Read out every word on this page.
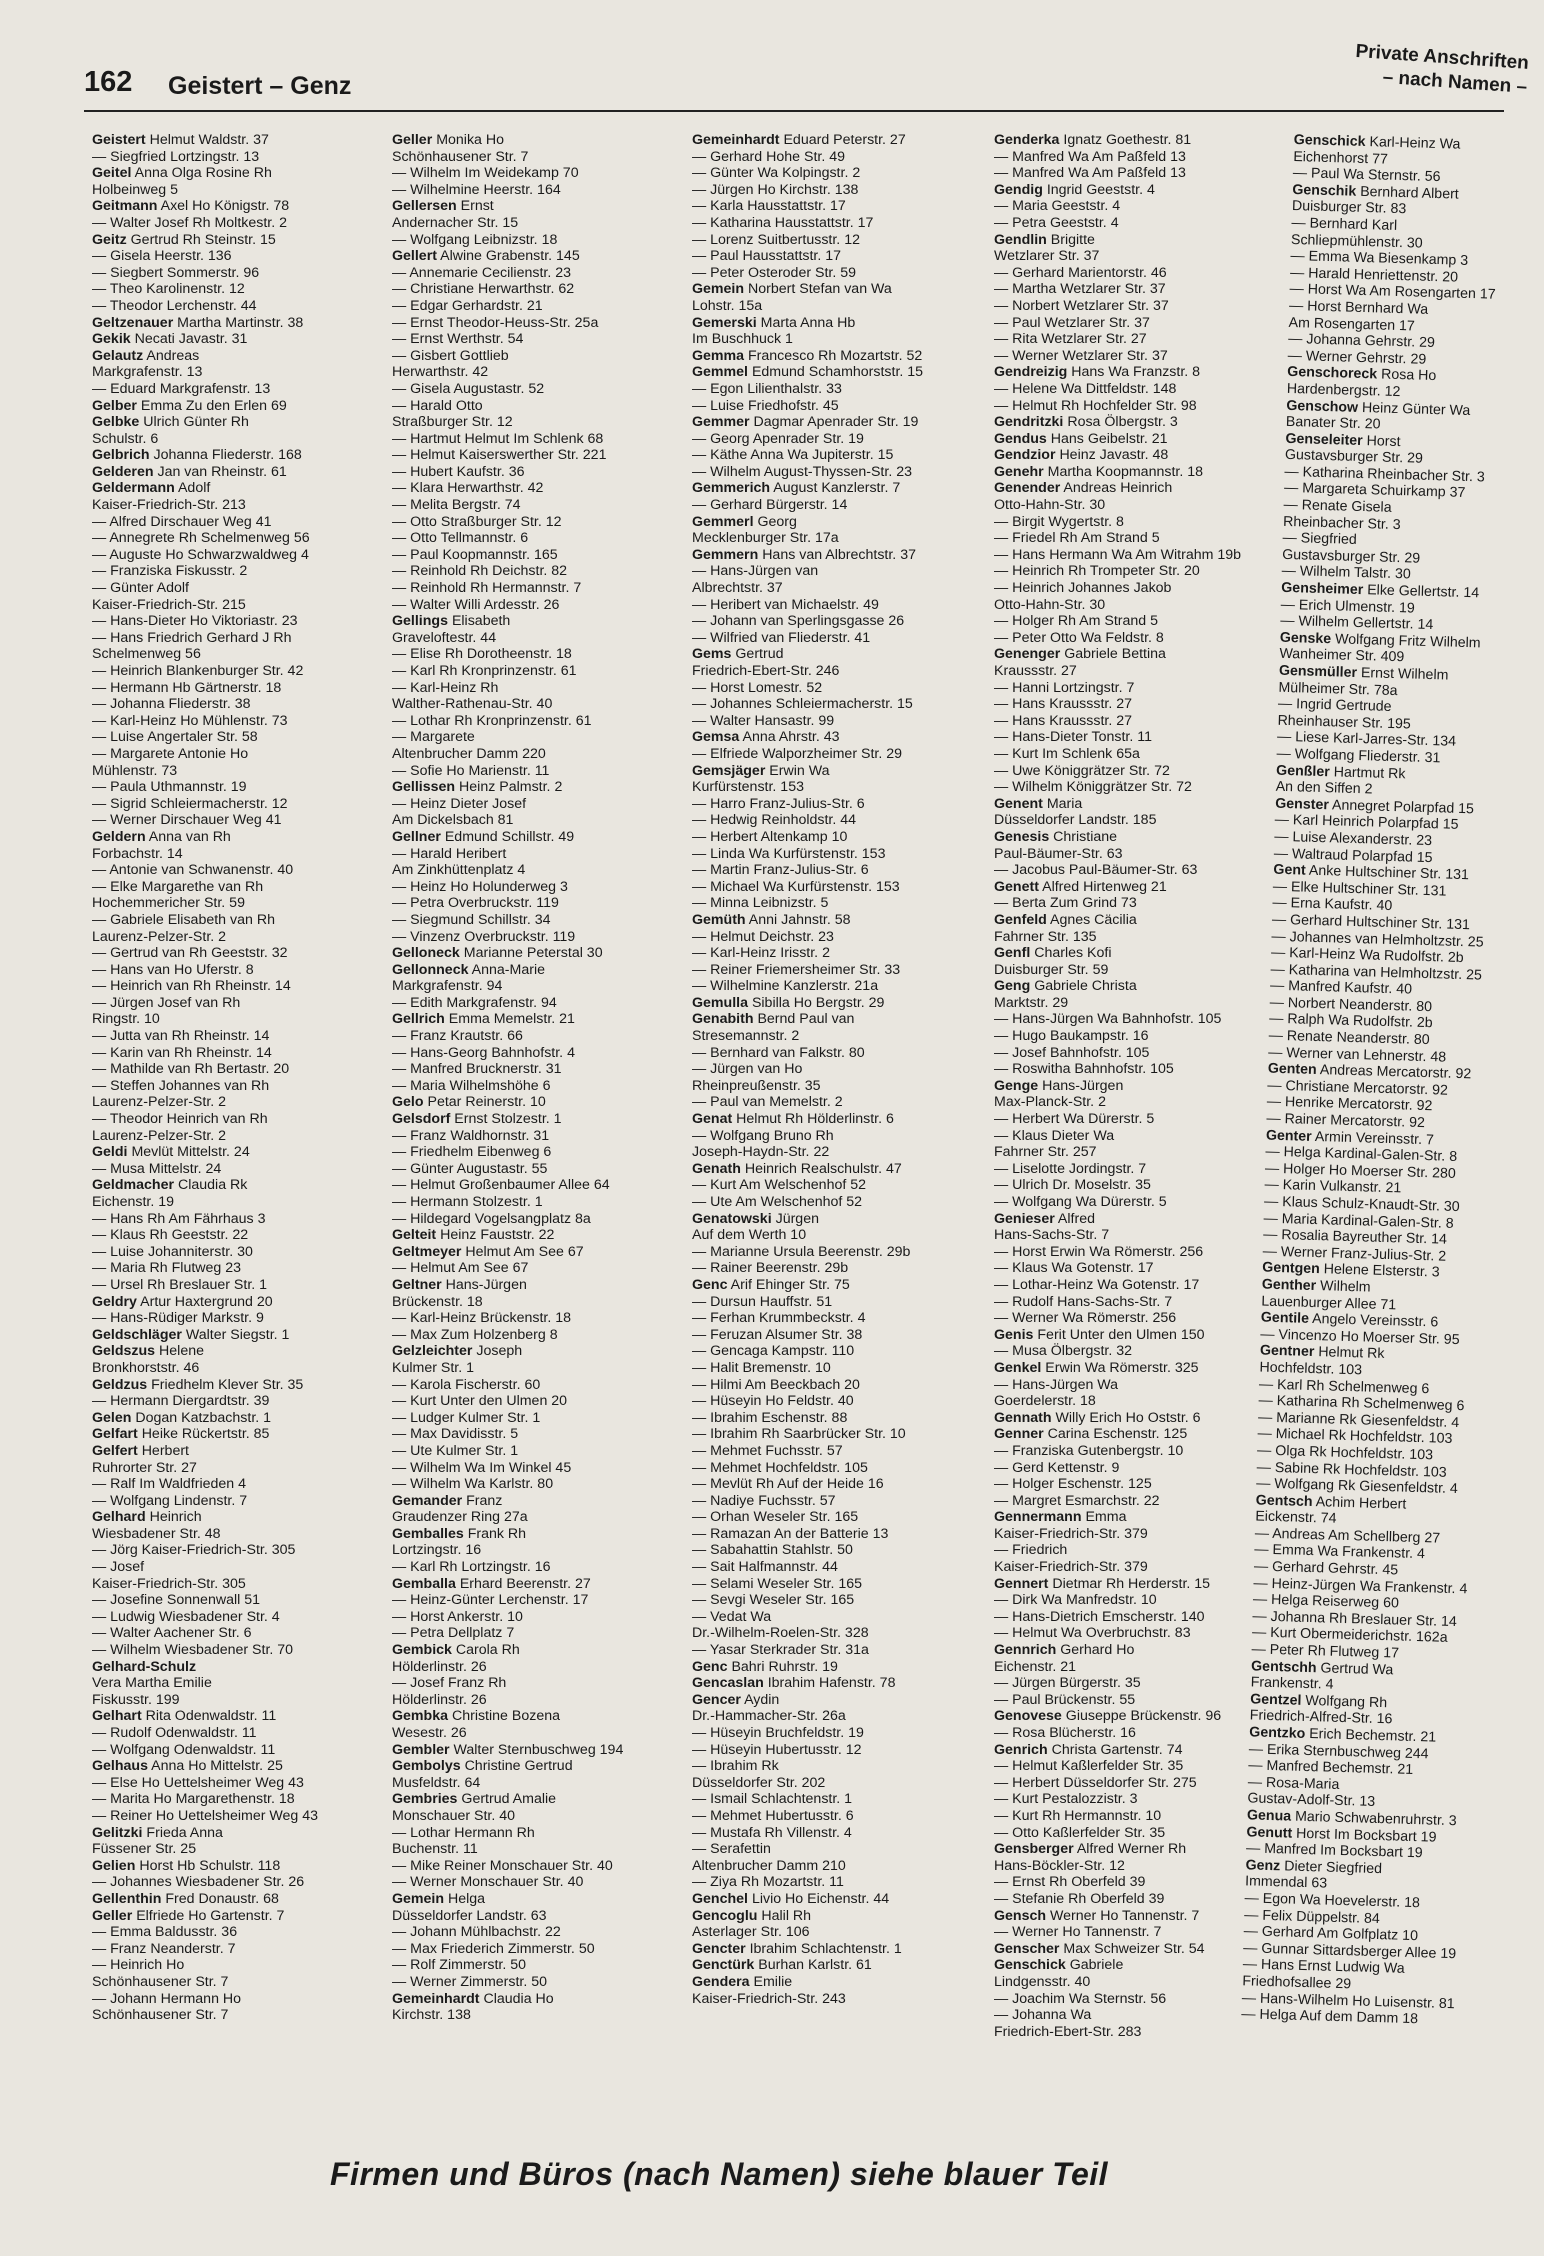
162 Geistert – Genz
Private Anschriften
– nach Namen –
Geistert Helmut Waldstr. 37
— Siegfried Lortzingstr. 13
Geitel Anna Olga Rosine Rh
Holbeinweg 5
Geitmann Axel Ho Königstr. 78
— Walter Josef Rh Moltkestr. 2
Geitz Gertrud Rh Steinstr. 15
— Gisela Heerstr. 136
— Siegbert Sommerstr. 96
— Theo Karolinenstr. 12
— Theodor Lerchenstr. 44
Geltzenauer Martha Martinstr. 38
Gekik Necati Javastr. 31
Gelautz Andreas
Markgrafenstr. 13
— Eduard Markgrafenstr. 13
Gelber Emma Zu den Erlen 69
Gelbke Ulrich Günter Rh
Schulstr. 6
Gelbrich Johanna Fliederstr. 168
Gelderen Jan van Rheinstr. 61
Geldermann Adolf
Kaiser-Friedrich-Str. 213
— Alfred Dirschauer Weg 41
— Annegrete Rh Schelmenweg 56
— Auguste Ho Schwarzwaldweg 4
— Franziska Fiskusstr. 2
— Günter Adolf
Kaiser-Friedrich-Str. 215
— Hans-Dieter Ho Viktoriastr. 23
— Hans Friedrich Gerhard J Rh
Schelmenweg 56
— Heinrich Blankenburger Str. 42
— Hermann Hb Gärtnerstr. 18
— Johanna Fliederstr. 38
— Karl-Heinz Ho Mühlenstr. 73
— Luise Angertaler Str. 58
— Margarete Antonie Ho
Mühlenstr. 73
— Paula Uthmannstr. 19
— Sigrid Schleiermacherstr. 12
— Werner Dirschauer Weg 41
Geldern Anna van Rh
Forbachstr. 14
— Antonie van Schwanenstr. 40
— Elke Margarethe van Rh
Hochemmericher Str. 59
— Gabriele Elisabeth van Rh
Laurenz-Pelzer-Str. 2
— Gertrud van Rh Geeststr. 32
— Hans van Ho Uferstr. 8
— Heinrich van Rh Rheinstr. 14
— Jürgen Josef van Rh
Ringstr. 10
— Jutta van Rh Rheinstr. 14
— Karin van Rh Rheinstr. 14
— Mathilde van Rh Bertastr. 20
— Steffen Johannes van Rh
Laurenz-Pelzer-Str. 2
— Theodor Heinrich van Rh
Laurenz-Pelzer-Str. 2
Geldi Mevlüt Mittelstr. 24
— Musa Mittelstr. 24
Geldmacher Claudia Rk
Eichenstr. 19
— Hans Rh Am Fährhaus 3
— Klaus Rh Geeststr. 22
— Luise Johanniterstr. 30
— Maria Rh Flutweg 23
— Ursel Rh Breslauer Str. 1
Geldry Artur Haxtergrund 20
— Hans-Rüdiger Markstr. 9
Geldschläger Walter Siegstr. 1
Geldszus Helene
Bronkhorststr. 46
Geldzus Friedhelm Klever Str. 35
— Hermann Diergardtstr. 39
Gelen Dogan Katzbachstr. 1
Gelfart Heike Rückertstr. 85
Gelfert Herbert
Ruhrorter Str. 27
— Ralf Im Waldfrieden 4
— Wolfgang Lindenstr. 7
Gelhard Heinrich
Wiesbadener Str. 48
— Jörg Kaiser-Friedrich-Str. 305
— Josef
Kaiser-Friedrich-Str. 305
— Josefine Sonnenwall 51
— Ludwig Wiesbadener Str. 4
— Walter Aachener Str. 6
— Wilhelm Wiesbadener Str. 70
Gelhard-Schulz
Vera Martha Emilie
Fiskusstr. 199
Gelhart Rita Odenwaldstr. 11
— Rudolf Odenwaldstr. 11
— Wolfgang Odenwaldstr. 11
Gelhaus Anna Ho Mittelstr. 25
— Else Ho Uettelsheimer Weg 43
— Marita Ho Margarethenstr. 18
— Reiner Ho Uettelsheimer Weg 43
Gelitzki Frieda Anna
Füssener Str. 25
Gelien Horst Hb Schulstr. 118
— Johannes Wiesbadener Str. 26
Gellenthin Fred Donaustr. 68
Geller Elfriede Ho Gartenstr. 7
— Emma Baldusstr. 36
— Franz Neanderstr. 7
— Heinrich Ho
Schönhausener Str. 7
— Johann Hermann Ho
Schönhausener Str. 7
Geller Monika Ho
Schönhausener Str. 7
— Wilhelm Im Weidekamp 70
— Wilhelmine Heerstr. 164
Gellersen Ernst
Andernacher Str. 15
— Wolfgang Leibnizstr. 18
Gellert Alwine Grabenstr. 145
— Annemarie Cecilienstr. 23
— Christiane Herwarthstr. 62
— Edgar Gerhardstr. 21
— Ernst Theodor-Heuss-Str. 25a
— Ernst Werthstr. 54
— Gisbert Gottlieb
Herwarthstr. 42
— Gisela Augustastr. 52
— Harald Otto
Straßburger Str. 12
— Hartmut Helmut Im Schlenk 68
— Helmut Kaiserswerther Str. 221
— Hubert Kaufstr. 36
— Klara Herwarthstr. 42
— Melita Bergstr. 74
— Otto Straßburger Str. 12
— Otto Tellmannstr. 6
— Paul Koopmannstr. 165
— Reinhold Rh Deichstr. 82
— Reinhold Rh Hermannstr. 7
— Walter Willi Ardesstr. 26
Gellings Elisabeth
Graveloftestr. 44
— Elise Rh Dorotheenstr. 18
— Karl Rh Kronprinzenstr. 61
— Karl-Heinz Rh
Walther-Rathenau-Str. 40
— Lothar Rh Kronprinzenstr. 61
— Margarete
Altenbrucher Damm 220
— Sofie Ho Marienstr. 11
Gellissen Heinz Palmstr. 2
— Heinz Dieter Josef
Am Dickelsbach 81
Gellner Edmund Schillstr. 49
— Harald Heribert
Am Zinkhüttenplatz 4
— Heinz Ho Holunderweg 3
— Petra Overbruckstr. 119
— Siegmund Schillstr. 34
— Vinzenz Overbruckstr. 119
Gelloneck Marianne Peterstal 30
Gellonneck Anna-Marie
Markgrafenstr. 94
— Edith Markgrafenstr. 94
Gellrich Emma Memelstr. 21
— Franz Krautstr. 66
— Hans-Georg Bahnhofstr. 4
— Manfred Brucknerstr. 31
— Maria Wilhelmshöhe 6
Gelo Petar Reinerstr. 10
Gelsdorf Ernst Stolzestr. 1
— Franz Waldhornstr. 31
— Friedhelm Eibenweg 6
— Günter Augustastr. 55
— Helmut Großenbaumer Allee 64
— Hermann Stolzestr. 1
— Hildegard Vogelsangplatz 8a
Gelteit Heinz Fauststr. 22
Geltmeyer Helmut Am See 67
— Helmut Am See 67
Geltner Hans-Jürgen
Brückenstr. 18
— Karl-Heinz Brückenstr. 18
— Max Zum Holzenberg 8
Gelzleichter Joseph
Kulmer Str. 1
— Karola Fischerstr. 60
— Kurt Unter den Ulmen 20
— Ludger Kulmer Str. 1
— Max Davidisstr. 5
— Ute Kulmer Str. 1
— Wilhelm Wa Im Winkel 45
— Wilhelm Wa Karlstr. 80
Gemander Franz
Graudenzer Ring 27a
Gemballes Frank Rh
Lortzingstr. 16
— Karl Rh Lortzingstr. 16
Gemballa Erhard Beerenstr. 27
— Heinz-Günter Lerchenstr. 17
— Horst Ankerstr. 10
— Petra Dellplatz 7
Gembick Carola Rh
Hölderlinstr. 26
— Josef Franz Rh
Hölderlinstr. 26
Gembka Christine Bozena
Wesestr. 26
Gembler Walter Sternbuschweg 194
Gembolys Christine Gertrud
Musfeldstr. 64
Gembries Gertrud Amalie
Monschauer Str. 40
— Lothar Hermann Rh
Buchenstr. 11
— Mike Reiner Monschauer Str. 40
— Werner Monschauer Str. 40
Gemein Helga
Düsseldorfer Landstr. 63
— Johann Mühlbachstr. 22
— Max Friederich Zimmerstr. 50
— Rolf Zimmerstr. 50
— Werner Zimmerstr. 50
Gemeinhardt Claudia Ho
Kirchstr. 138
Gemeinhardt Eduard Peterstr. 27
— Gerhard Hohe Str. 49
— Günter Wa Kolpingstr. 2
— Jürgen Ho Kirchstr. 138
— Karla Hausstattstr. 17
— Katharina Hausstattstr. 17
— Lorenz Suitbertusstr. 12
— Paul Hausstattstr. 17
— Peter Osteroder Str. 59
Gemein Norbert Stefan van Wa
Lohstr. 15a
Gemerski Marta Anna Hb
Im Buschhuck 1
Gemma Francesco Rh Mozartstr. 52
Gemmel Edmund Schamhorststr. 15
— Egon Lilienthalstr. 33
— Luise Friedhofstr. 45
Gemmer Dagmar Apenrader Str. 19
— Georg Apenrader Str. 19
— Käthe Anna Wa Jupiterstr. 15
— Wilhelm August-Thyssen-Str. 23
Gemmerich August Kanzlerstr. 7
— Gerhard Bürgerstr. 14
Gemmerl Georg
Mecklenburger Str. 17a
Gemmern Hans van Albrechtstr. 37
— Hans-Jürgen van
Albrechtstr. 37
— Heribert van Michaelstr. 49
— Johann van Sperlingsgasse 26
— Wilfried van Fliederstr. 41
Gems Gertrud
Friedrich-Ebert-Str. 246
— Horst Lomestr. 52
— Johannes Schleiermacherstr. 15
— Walter Hansastr. 99
Gemsa Anna Ahrstr. 43
— Elfriede Walporzheimer Str. 29
Gemsjäger Erwin Wa
Kurfürstenstr. 153
— Harro Franz-Julius-Str. 6
— Hedwig Reinholdstr. 44
— Herbert Altenkamp 10
— Linda Wa Kurfürstenstr. 153
— Martin Franz-Julius-Str. 6
— Michael Wa Kurfürstenstr. 153
— Minna Leibnizstr. 5
Gemüth Anni Jahnstr. 58
— Helmut Deichstr. 23
— Karl-Heinz Irisstr. 2
— Reiner Friemersheimer Str. 33
— Wilhelmine Kanzlerstr. 21a
Gemulla Sibilla Ho Bergstr. 29
Genabith Bernd Paul van
Stresemannstr. 2
— Bernhard van Falkstr. 80
— Jürgen van Ho
Rheinpreußenstr. 35
— Paul van Memelstr. 2
Genat Helmut Rh Hölderlinstr. 6
— Wolfgang Bruno Rh
Joseph-Haydn-Str. 22
Genath Heinrich Realschulstr. 47
— Kurt Am Welschenhof 52
— Ute Am Welschenhof 52
Genatowski Jürgen
Auf dem Werth 10
— Marianne Ursula Beerenstr. 29b
— Rainer Beerenstr. 29b
Genc Arif Ehinger Str. 75
— Dursun Hauffstr. 51
— Ferhan Krummbeckstr. 4
— Feruzan Alsumer Str. 38
— Gencaga Kampstr. 110
— Halit Bremenstr. 10
— Hilmi Am Beeckbach 20
— Hüseyin Ho Feldstr. 40
— Ibrahim Eschenstr. 88
— Ibrahim Rh Saarbrücker Str. 10
— Mehmet Fuchsstr. 57
— Mehmet Hochfeldstr. 105
— Mevlüt Rh Auf der Heide 16
— Nadiye Fuchsstr. 57
— Orhan Weseler Str. 165
— Ramazan An der Batterie 13
— Sabahattin Stahlstr. 50
— Sait Halfmannstr. 44
— Selami Weseler Str. 165
— Sevgi Weseler Str. 165
— Vedat Wa
Dr.-Wilhelm-Roelen-Str. 328
— Yasar Sterkrader Str. 31a
Genc Bahri Ruhrstr. 19
Gencaslan Ibrahim Hafenstr. 78
Gencer Aydin
Dr.-Hammacher-Str. 26a
— Hüseyin Bruchfeldstr. 19
— Hüseyin Hubertusstr. 12
— Ibrahim Rk
Düsseldorfer Str. 202
— Ismail Schlachtenstr. 1
— Mehmet Hubertusstr. 6
— Mustafa Rh Villenstr. 4
— Serafettin
Altenbrucher Damm 210
— Ziya Rh Mozartstr. 11
Genchel Livio Ho Eichenstr. 44
Gencoglu Halil Rh
Asterlager Str. 106
Gencter Ibrahim Schlachtenstr. 1
Genctürk Burhan Karlstr. 61
Gendera Emilie
Kaiser-Friedrich-Str. 243
Genderka Ignatz Goethestr. 81
— Manfred Wa Am Paßfeld 13
— Manfred Wa Am Paßfeld 13
Gendig Ingrid Geeststr. 4
— Maria Geeststr. 4
— Petra Geeststr. 4
Gendlin Brigitte
Wetzlarer Str. 37
— Gerhard Marientorstr. 46
— Martha Wetzlarer Str. 37
— Norbert Wetzlarer Str. 37
— Paul Wetzlarer Str. 37
— Rita Wetzlarer Str. 27
— Werner Wetzlarer Str. 37
Gendreizig Hans Wa Franzstr. 8
— Helene Wa Dittfeldstr. 148
— Helmut Rh Hochfelder Str. 98
Gendritzki Rosa Ölbergstr. 3
Gendus Hans Geibelstr. 21
Gendzior Heinz Javastr. 48
Genehr Martha Koopmannstr. 18
Genender Andreas Heinrich
Otto-Hahn-Str. 30
— Birgit Wygertstr. 8
— Friedel Rh Am Strand 5
— Hans Hermann Wa Am Witrahm 19b
— Heinrich Rh Trompeter Str. 20
— Heinrich Johannes Jakob
Otto-Hahn-Str. 30
— Holger Rh Am Strand 5
— Peter Otto Wa Feldstr. 8
Genenger Gabriele Bettina
Kraussstr. 27
— Hanni Lortzingstr. 7
— Hans Kraussstr. 27
— Hans Kraussstr. 27
— Hans-Dieter Tonstr. 11
— Kurt Im Schlenk 65a
— Uwe Königgrätzer Str. 72
— Wilhelm Königgrätzer Str. 72
Genent Maria
Düsseldorfer Landstr. 185
Genesis Christiane
Paul-Bäumer-Str. 63
— Jacobus Paul-Bäumer-Str. 63
Genett Alfred Hirtenweg 21
— Berta Zum Grind 73
Genfeld Agnes Cäcilia
Fahrner Str. 135
Genfl Charles Kofi
Duisburger Str. 59
Geng Gabriele Christa
Marktstr. 29
— Hans-Jürgen Wa Bahnhofstr. 105
— Hugo Baukampstr. 16
— Josef Bahnhofstr. 105
— Roswitha Bahnhofstr. 105
Genge Hans-Jürgen
Max-Planck-Str. 2
— Herbert Wa Dürerstr. 5
— Klaus Dieter Wa
Fahrner Str. 257
— Liselotte Jordingstr. 7
— Ulrich Dr. Moselstr. 35
— Wolfgang Wa Dürerstr. 5
Genieser Alfred
Hans-Sachs-Str. 7
— Horst Erwin Wa Römerstr. 256
— Klaus Wa Gotenstr. 17
— Lothar-Heinz Wa Gotenstr. 17
— Rudolf Hans-Sachs-Str. 7
— Werner Wa Römerstr. 256
Genis Ferit Unter den Ulmen 150
— Musa Ölbergstr. 32
Genkel Erwin Wa Römerstr. 325
— Hans-Jürgen Wa
Goerdelerstr. 18
Gennath Willy Erich Ho Oststr. 6
Genner Carina Eschenstr. 125
— Franziska Gutenbergstr. 10
— Gerd Kettenstr. 9
— Holger Eschenstr. 125
— Margret Esmarchstr. 22
Gennermann Emma
Kaiser-Friedrich-Str. 379
— Friedrich
Kaiser-Friedrich-Str. 379
Gennert Dietmar Rh Herderstr. 15
— Dirk Wa Manfredstr. 10
— Hans-Dietrich Emscherstr. 140
— Helmut Wa Overbruchstr. 83
Gennrich Gerhard Ho
Eichenstr. 21
— Jürgen Bürgerstr. 35
— Paul Brückenstr. 55
Genovese Giuseppe Brückenstr. 96
— Rosa Blücherstr. 16
Genrich Christa Gartenstr. 74
— Helmut Kaßlerfelder Str. 35
— Herbert Düsseldorfer Str. 275
— Kurt Pestalozzistr. 3
— Kurt Rh Hermannstr. 10
— Otto Kaßlerfelder Str. 35
Gensberger Alfred Werner Rh
Hans-Böckler-Str. 12
— Ernst Rh Oberfeld 39
— Stefanie Rh Oberfeld 39
Gensch Werner Ho Tannenstr. 7
— Werner Ho Tannenstr. 7
Genscher Max Schweizer Str. 54
Genschick Gabriele
Lindgensstr. 40
— Joachim Wa Sternstr. 56
— Johanna Wa
Friedrich-Ebert-Str. 283
Genschick Karl-Heinz Wa
Eichenhorst 77
— Paul Wa Sternstr. 56
Genschik Bernhard Albert
Duisburger Str. 83
— Bernhard Karl
Schliepmühlenstr. 30
— Emma Wa Biesenkamp 3
— Harald Henriettenstr. 20
— Horst Wa Am Rosengarten 17
— Horst Bernhard Wa
Am Rosengarten 17
— Johanna Gehrstr. 29
— Werner Gehrstr. 29
Genschoreck Rosa Ho
Hardenbergstr. 12
Genschow Heinz Günter Wa
Banater Str. 20
Genseleiter Horst
Gustavsburger Str. 29
— Katharina Rheinbacher Str. 3
— Margareta Schuirkamp 37
— Renate Gisela
Rheinbacher Str. 3
— Siegfried
Gustavsburger Str. 29
— Wilhelm Talstr. 30
Gensheimer Elke Gellertstr. 14
— Erich Ulmenstr. 19
— Wilhelm Gellertstr. 14
Genske Wolfgang Fritz Wilhelm
Wanheimer Str. 409
Gensmüller Ernst Wilhelm
Mülheimer Str. 78a
— Ingrid Gertrude
Rheinhauser Str. 195
— Liese Karl-Jarres-Str. 134
— Wolfgang Fliederstr. 31
Genßler Hartmut Rk
An den Siffen 2
Genster Annegret Polarpfad 15
— Karl Heinrich Polarpfad 15
— Luise Alexanderstr. 23
— Waltraud Polarpfad 15
Gent Anke Hultschiner Str. 131
— Elke Hultschiner Str. 131
— Erna Kaufstr. 40
— Gerhard Hultschiner Str. 131
— Johannes van Helmholtzstr. 25
— Karl-Heinz Wa Rudolfstr. 2b
— Katharina van Helmholtzstr. 25
— Manfred Kaufstr. 40
— Norbert Neanderstr. 80
— Ralph Wa Rudolfstr. 2b
— Renate Neanderstr. 80
— Werner van Lehnerstr. 48
Genten Andreas Mercatorstr. 92
— Christiane Mercatorstr. 92
— Henrike Mercatorstr. 92
— Rainer Mercatorstr. 92
Genter Armin Vereinsstr. 7
— Helga Kardinal-Galen-Str. 8
— Holger Ho Moerser Str. 280
— Karin Vulkanstr. 21
— Klaus Schulz-Knaudt-Str. 30
— Maria Kardinal-Galen-Str. 8
— Rosalia Bayreuther Str. 14
— Werner Franz-Julius-Str. 2
Gentgen Helene Elsterstr. 3
Genther Wilhelm
Lauenburger Allee 71
Gentile Angelo Vereinsstr. 6
— Vincenzo Ho Moerser Str. 95
Gentner Helmut Rk
Hochfeldstr. 103
— Karl Rh Schelmenweg 6
— Katharina Rh Schelmenweg 6
— Marianne Rk Giesenfeldstr. 4
— Michael Rk Hochfeldstr. 103
— Olga Rk Hochfeldstr. 103
— Sabine Rk Hochfeldstr. 103
— Wolfgang Rk Giesenfeldstr. 4
Gentsch Achim Herbert
Eickenstr. 74
— Andreas Am Schellberg 27
— Emma Wa Frankenstr. 4
— Gerhard Gehrstr. 45
— Heinz-Jürgen Wa Frankenstr. 4
— Helga Reiserweg 60
— Johanna Rh Breslauer Str. 14
— Kurt Obermeiderichstr. 162a
— Peter Rh Flutweg 17
Gentschh Gertrud Wa
Frankenstr. 4
Gentzel Wolfgang Rh
Friedrich-Alfred-Str. 16
Gentzko Erich Bechemstr. 21
— Erika Sternbuschweg 244
— Manfred Bechemstr. 21
— Rosa-Maria
Gustav-Adolf-Str. 13
Genua Mario Schwabenruhrstr. 3
Genutt Horst Im Bocksbart 19
— Manfred Im Bocksbart 19
Genz Dieter Siegfried
Immendal 63
— Egon Wa Hoevelerstr. 18
— Felix Düppelstr. 84
— Gerhard Am Golfplatz 10
— Gunnar Sittardsberger Allee 19
— Hans Ernst Ludwig Wa
Friedhofsallee 29
— Hans-Wilhelm Ho Luisenstr. 81
— Helga Auf dem Damm 18
Firmen und Büros (nach Namen) siehe blauer Teil
